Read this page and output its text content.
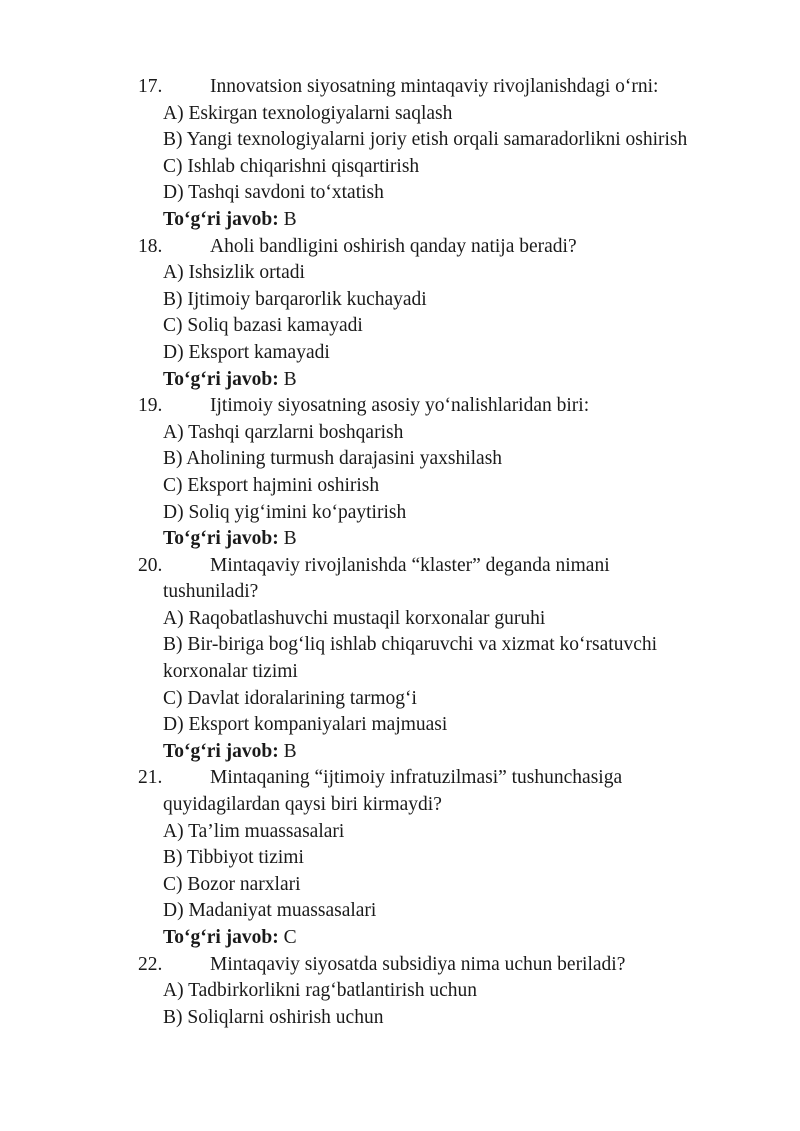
17.	Innovatsion siyosatning mintaqaviy rivojlanishdagi o‘rni:
A) Eskirgan texnologiyalarni saqlash
B) Yangi texnologiyalarni joriy etish orqali samaradorlikni oshirish
C) Ishlab chiqarishni qisqartirish
D) Tashqi savdoni to‘xtatish
To‘g‘ri javob: B
18.	Aholi bandligini oshirish qanday natija beradi?
A) Ishsizlik ortadi
B) Ijtimoiy barqarorlik kuchayadi
C) Soliq bazasi kamayadi
D) Eksport kamayadi
To‘g‘ri javob: B
19.	Ijtimoiy siyosatning asosiy yo‘nalishlaridan biri:
A) Tashqi qarzlarni boshqarish
B) Aholining turmush darajasini yaxshilash
C) Eksport hajmini oshirish
D) Soliq yig‘imini ko‘paytirish
To‘g‘ri javob: B
20.	Mintaqaviy rivojlanishda “klaster” deganda nimani
tushuniladi?
A) Raqobatlashuvchi mustaqil korxonalar guruhi
B) Bir-biriga bog‘liq ishlab chiqaruvchi va xizmat ko‘rsatuvchi
korxonalar tizimi
C) Davlat idoralarining tarmog‘i
D) Eksport kompaniyalari majmuasi
To‘g‘ri javob: B
21.	Mintaqaning “ijtimoiy infratuzilmasi” tushunchasiga
quyidagilardan qaysi biri kirmaydi?
A) Ta’lim muassasalari
B) Tibbiyot tizimi
C) Bozor narxlari
D) Madaniyat muassasalari
To‘g‘ri javob: C
22.	Mintaqaviy siyosatda subsidiya nima uchun beriladi?
A) Tadbirkorlikni rag‘batlantirish uchun
B) Soliqlarni oshirish uchun
